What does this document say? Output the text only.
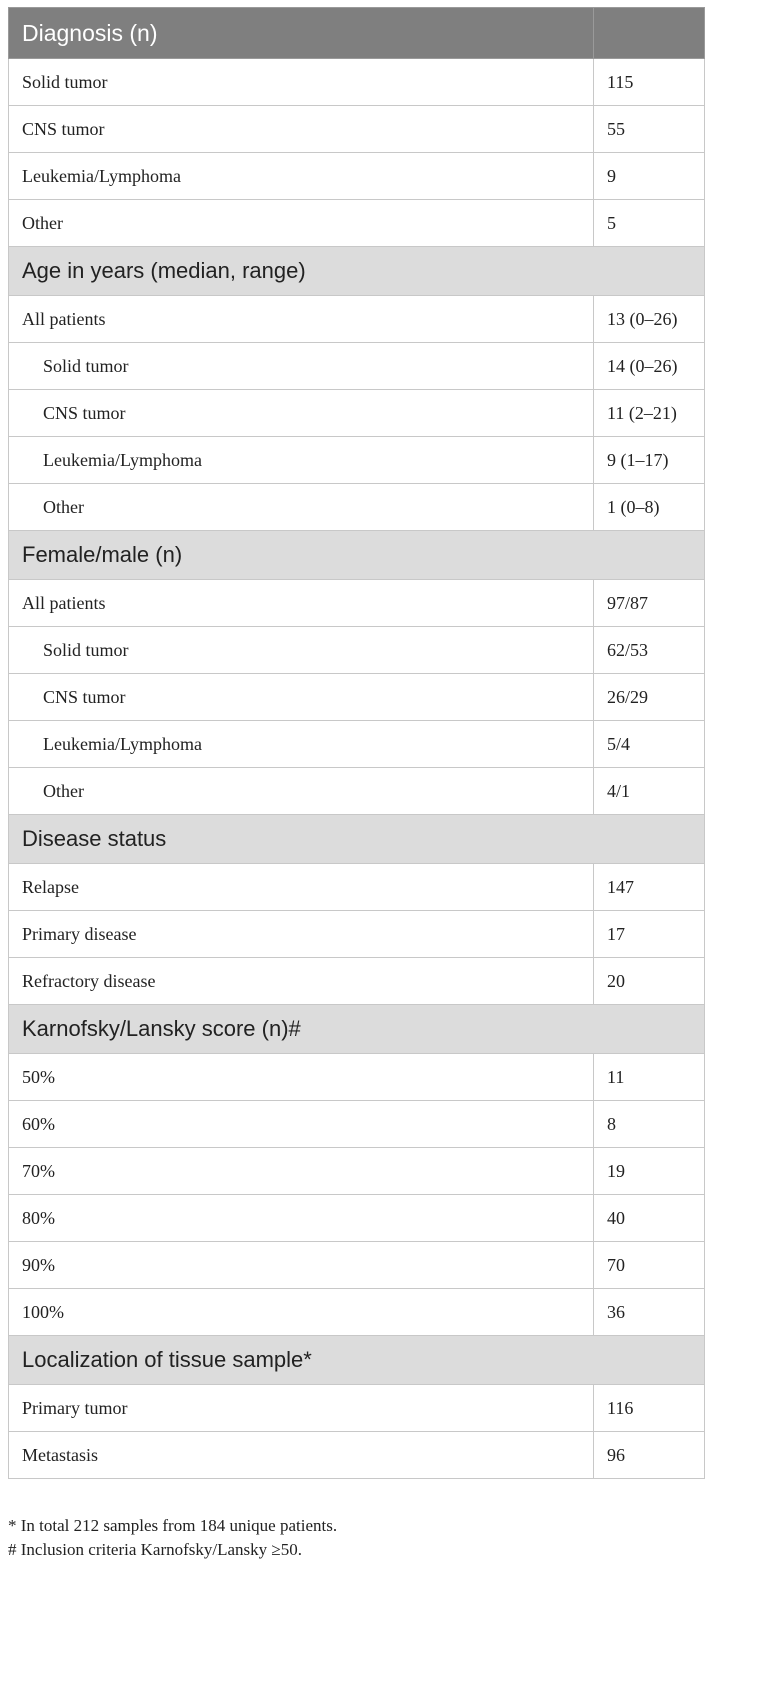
Diagnosis (n)	
Solid tumor	115
CNS tumor	55
Leukemia/Lymphoma	9
Other	5
Age in years (median, range)	
All patients	13 (0–26)
Solid tumor	14 (0–26)
CNS tumor	11 (2–21)
Leukemia/Lymphoma	9 (1–17)
Other	1 (0–8)
Female/male (n)	
All patients	97/87
Solid tumor	62/53
CNS tumor	26/29
Leukemia/Lymphoma	5/4
Other	4/1
Disease status	
Relapse	147
Primary disease	17
Refractory disease	20
Karnofsky/Lansky score (n)#	
50%	11
60%	8
70%	19
80%	40
90%	70
100%	36
Localization of tissue sample*	
Primary tumor	116
Metastasis	96
* In total 212 samples from 184 unique patients.
# Inclusion criteria Karnofsky/Lansky ≥50.
